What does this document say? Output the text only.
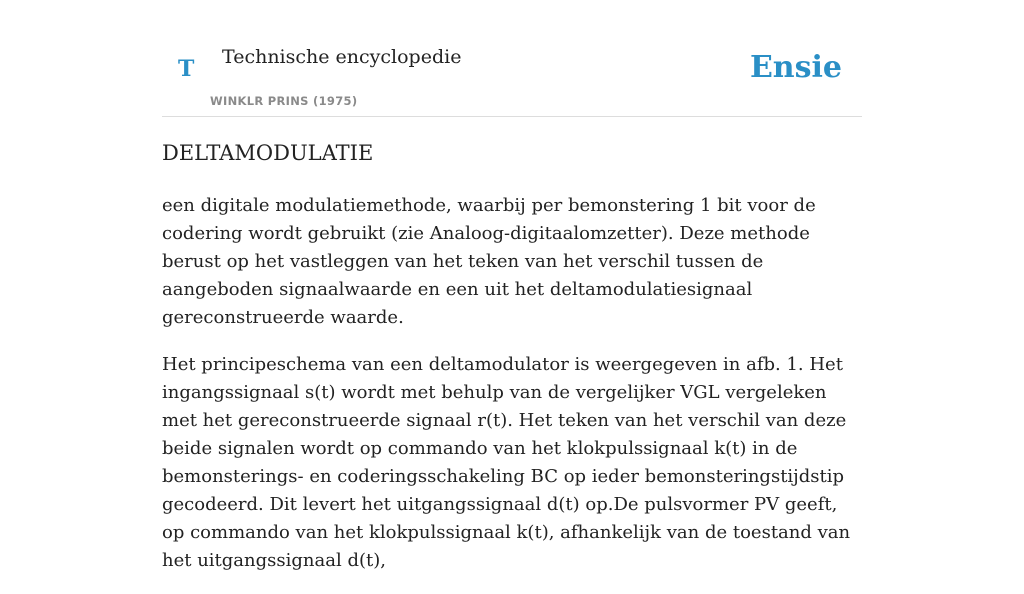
T Technische encyclopedie
WINKLR PRINS (1975)
Ensie
DELTAMODULATIE

een digitale modulatiemethode, waarbij per bemonstering 1 bit voor de codering wordt gebruikt (zie Analoog-digitaalomzetter). Deze methode berust op het vastleggen van het teken van het verschil tussen de aangeboden signaalwaarde en een uit het deltamodulatiesignaal gereconstrueerde waarde.

Het principeschema van een deltamodulator is weergegeven in afb. 1. Het ingangssignaal s(t) wordt met behulp van de vergelijker VGL vergeleken met het gereconstrueerde signaal r(t). Het teken van het verschil van deze beide signalen wordt op commando van het klokpulssignaal k(t) in de bemonsterings- en coderingsschakeling BC op ieder bemonsteringstijdstip gecodeerd. Dit levert het uitgangssignaal d(t) op.De pulsvormer PV geeft, op commando van het klokpulssignaal k(t), afhankelijk van de toestand van het uitgangssignaal d(t),
